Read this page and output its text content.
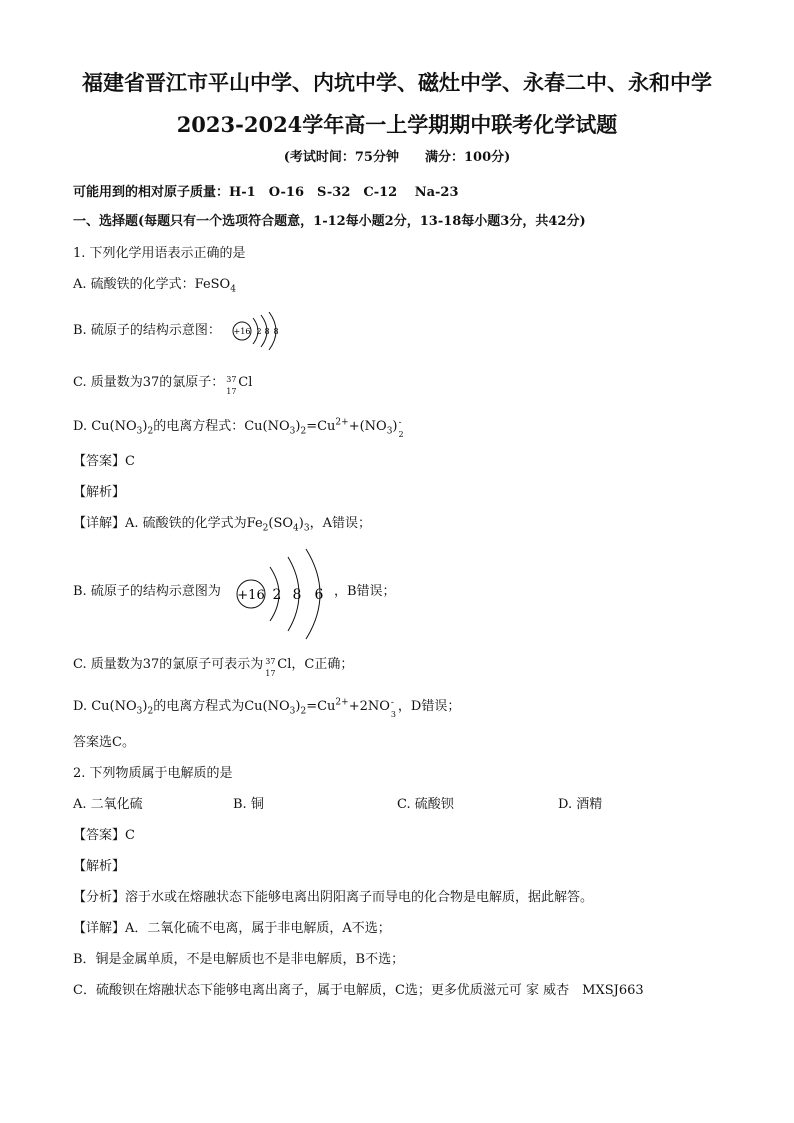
福建省晋江市平山中学、内坑中学、磁灶中学、永春二中、永和中学
2023-2024学年高一上学期期中联考化学试题
(考试时间：75分钟　　满分：100分)
可能用到的相对原子质量：H-1　O-16　S-32　C-12　 Na-23
一、选择题(每题只有一个选项符合题意，1-12每小题2分，13-18每小题3分，共42分)
1. 下列化学用语表示正确的是
A. 硫酸铁的化学式：FeSO$_4$
B. 硫原子的结构示意图： +16 2 8 8
C. 质量数为37的氯原子： 37
17
Cl
D. $Cu(NO_3)_2$的电离方程式：$Cu(NO_3)_2=Cu^{2+}+(NO_3)$ -
2
【答案】C
【解析】
【详解】A. 硫酸铁的化学式为$Fe_2(SO_4)_3$，A错误；
B. 硫原子的结构示意图为 +16 2 8 6 ，B错误；
C. 质量数为37的氯原子可表示为 37
17
Cl，C正确；
D. $Cu(NO_3)_2$的电离方程式为$Cu(NO_3)_2=Cu^{2+}+2NO$ -
3
，D错误；
答案选C。
2. 下列物质属于电解质的是
A. 二氧化硫	B. 铜	C. 硫酸钡	D. 酒精
【答案】C
【解析】
【分析】溶于水或在熔融状态下能够电离出阴阳离子而导电的化合物是电解质，据此解答。
【详解】A．二氧化硫不电离，属于非电解质，A不选；
B．铜是金属单质，不是电解质也不是非电解质，B不选；
C．硫酸钡在熔融状态下能够电离出离子，属于电解质，C选；更多优质滋元可 家 威杏　MXSJ663
